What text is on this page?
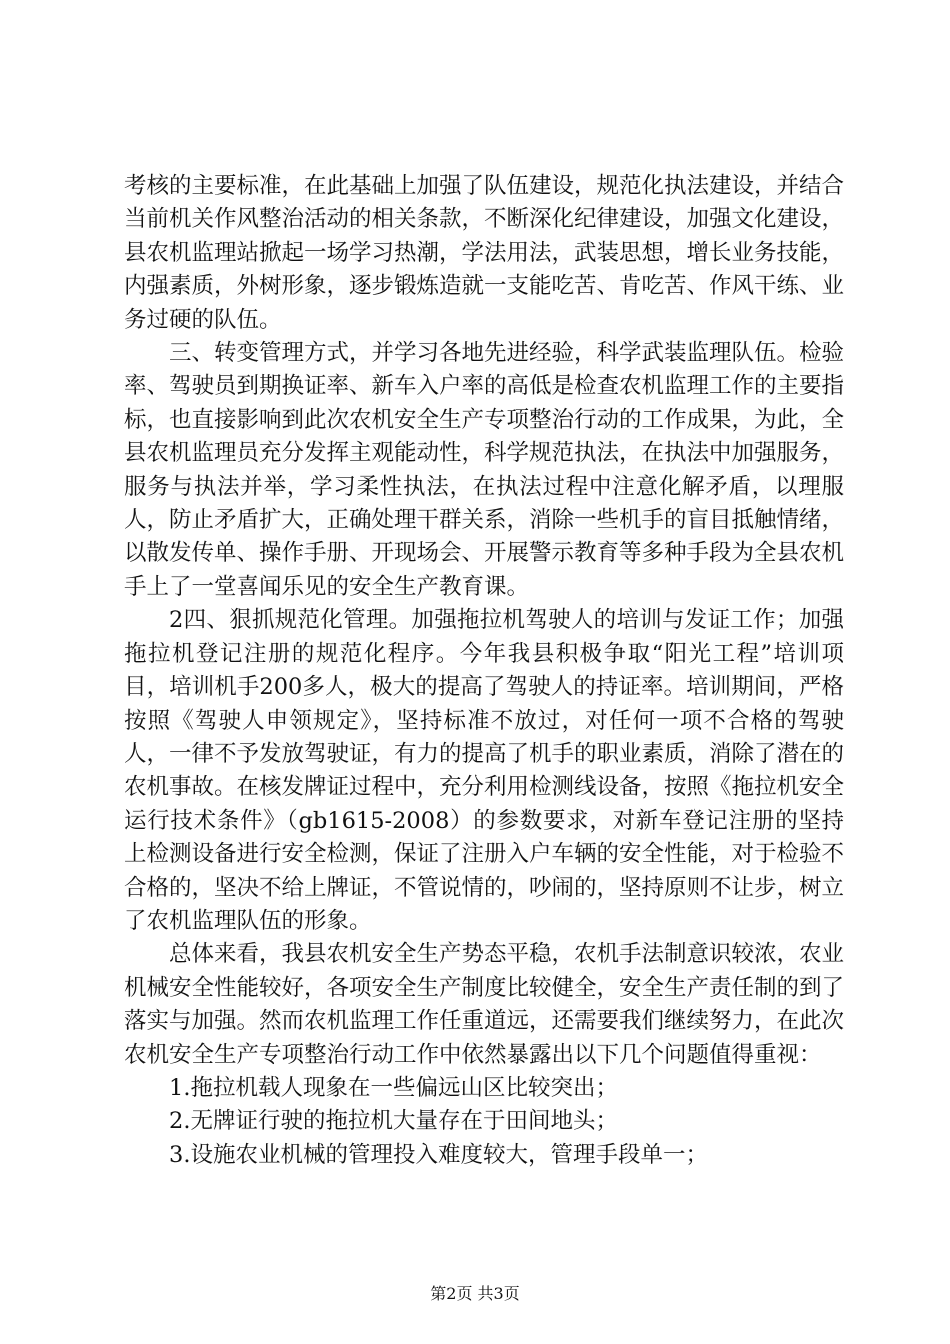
考核的主要标准，在此基础上加强了队伍建设，规范化执法建设，并结合当前机关作风整治活动的相关条款，不断深化纪律建设，加强文化建设，县农机监理站掀起一场学习热潮，学法用法，武装思想，增长业务技能，内强素质，外树形象，逐步锻炼造就一支能吃苦、肯吃苦、作风干练、业务过硬的队伍。

三、转变管理方式，并学习各地先进经验，科学武装监理队伍。检验率、驾驶员到期换证率、新车入户率的高低是检查农机监理工作的主要指标，也直接影响到此次农机安全生产专项整治行动的工作成果，为此，全县农机监理员充分发挥主观能动性，科学规范执法，在执法中加强服务，服务与执法并举，学习柔性执法，在执法过程中注意化解矛盾，以理服人，防止矛盾扩大，正确处理干群关系，消除一些机手的盲目抵触情绪，以散发传单、操作手册、开现场会、开展警示教育等多种手段为全县农机手上了一堂喜闻乐见的安全生产教育课。

2四、狠抓规范化管理。加强拖拉机驾驶人的培训与发证工作；加强拖拉机登记注册的规范化程序。今年我县积极争取“阳光工程”培训项目，培训机手200多人，极大的提高了驾驶人的持证率。培训期间，严格按照《驾驶人申领规定》，坚持标准不放过，对任何一项不合格的驾驶人，一律不予发放驾驶证，有力的提高了机手的职业素质，消除了潜在的农机事故。在核发牌证过程中，充分利用检测线设备，按照《拖拉机安全运行技术条件》（gb1615-2008）的参数要求，对新车登记注册的坚持上检测设备进行安全检测，保证了注册入户车辆的安全性能，对于检验不合格的，坚决不给上牌证，不管说情的，吵闹的，坚持原则不让步，树立了农机监理队伍的形象。

总体来看，我县农机安全生产势态平稳，农机手法制意识较浓，农业机械安全性能较好，各项安全生产制度比较健全，安全生产责任制的到了落实与加强。然而农机监理工作任重道远，还需要我们继续努力，在此次农机安全生产专项整治行动工作中依然暴露出以下几个问题值得重视：

1.拖拉机载人现象在一些偏远山区比较突出；

2.无牌证行驶的拖拉机大量存在于田间地头；

3.设施农业机械的管理投入难度较大，管理手段单一；

第2页 共3页
